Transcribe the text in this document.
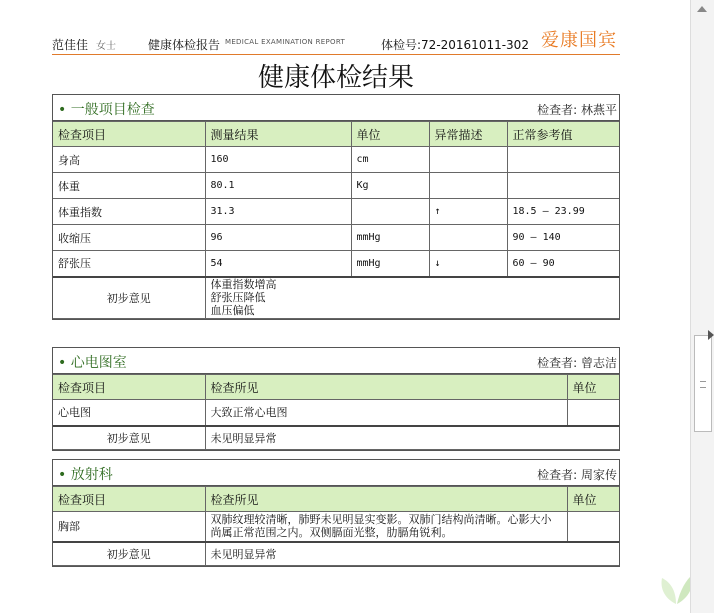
范佳佳 女士	健康体检报告 MEDICAL EXAMINATION REPORT	体检号:72-20161011-302 爱康国宾
健康体检结果
• 一般项目检查	检查者: 林燕平
检查项目	测量结果	单位	异常描述	正常参考值
身高	160	cm		
体重	80.1	Kg		
体重指数	31.3		↑	18.5 — 23.99
收缩压	96	mmHg		90 — 140
舒张压	54	mmHg	↓	60 — 90
初步意见	体重指数增高
舒张压降低
血压偏低			
• 心电图室	检查者: 曾志洁
检查项目	检查所见	单位
心电图	大致正常心电图	
初步意见	未见明显异常	
• 放射科	检查者: 周家传
检查项目	检查所见	单位
胸部	双肺纹理较清晰，肺野未见明显实变影。双肺门结构尚清晰。心影大小尚属正常范围之内。双侧膈面光整，肋膈角锐利。	
初步意见	未见明显异常	
